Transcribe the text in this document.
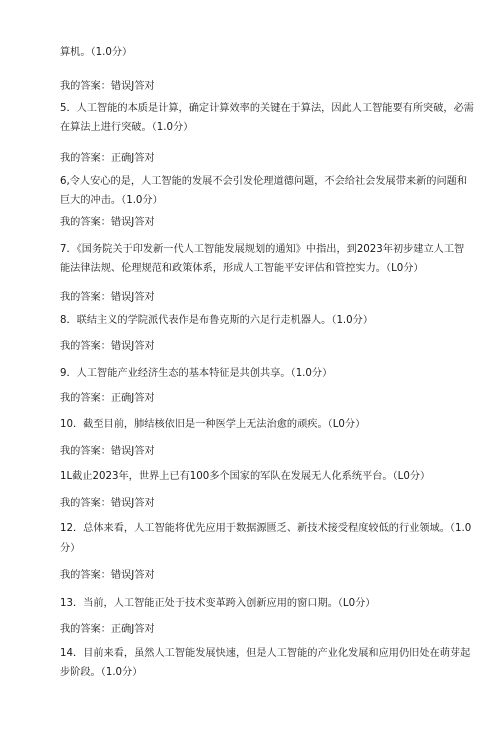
算机。（1.0分）
我的答案：错误J答对
5．人工智能的本质是计算，确定计算效率的关键在于算法，因此人工智能要有所突破，必需
在算法上进行突破。（1.0分）
我的答案：正确J答对
6,令人安心的是，人工智能的发展不会引发伦理道德问题，不会给社会发展带来新的问题和
巨大的冲击。（1.0分）
我的答案：错误J答对
7．《国务院关于印发新一代人工智能发展规划的通知》中指出，到2023年初步建立人工智
能法律法规、伦理规范和政策体系，形成人工智能平安评估和管控实力。（L0分）
我的答案：错误J答对
8．联结主义的学院派代表作是布鲁克斯的六足行走机器人。（1.0分）
我的答案：错误J答对
9．人工智能产业经济生态的基本特征是共创共享。（1.0分）
我的答案：正确J答对
10．截至目前，肺结核依旧是一种医学上无法治愈的顽疾。（L0分）
我的答案：错误J答对
1L截止2023年，世界上已有100多个国家的军队在发展无人化系统平台。（L0分）
我的答案：错误J答对
12．总体来看，人工智能将优先应用于数据源匮乏、新技术接受程度较低的行业领域。（1.0
分）
我的答案：错误J答对
13．当前，人工智能正处于技术变革跨入创新应用的窗口期。（L0分）
我的答案：正确J答对
14．目前来看，虽然人工智能发展快速，但是人工智能的产业化发展和应用仍旧处在萌芽起
步阶段。（1.0分）
